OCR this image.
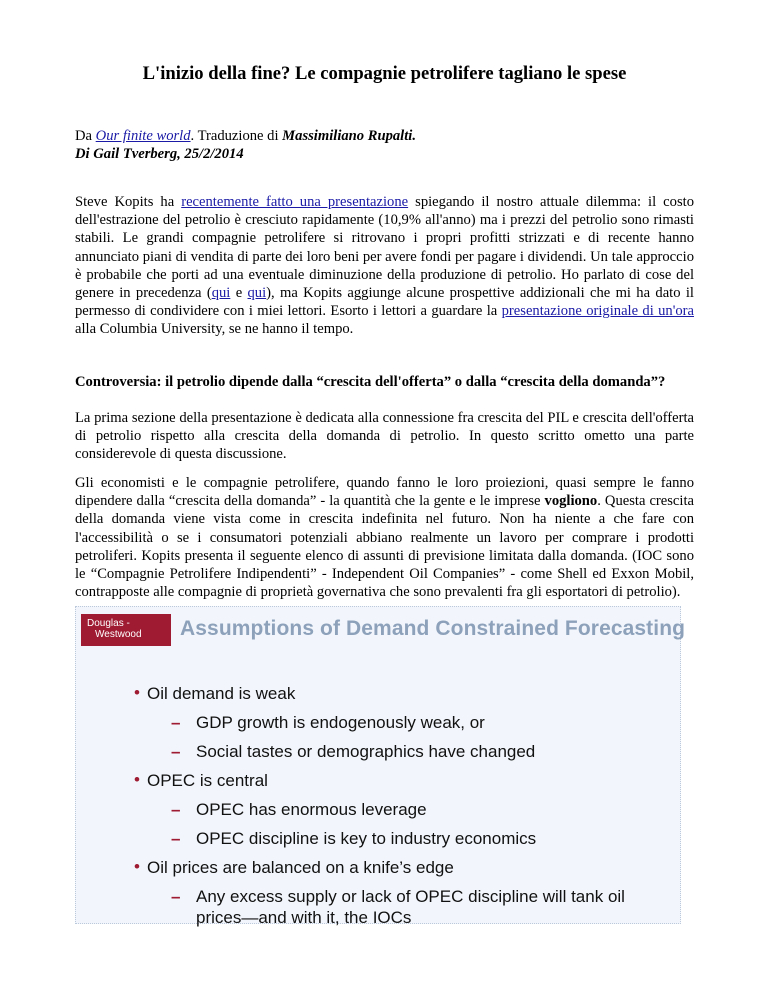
L'inizio della fine? Le compagnie petrolifere tagliano le spese
Da Our finite world. Traduzione di Massimiliano Rupalti.
Di Gail Tverberg, 25/2/2014

Steve Kopits ha recentemente fatto una presentazione spiegando il nostro attuale dilemma: il costo dell'estrazione del petrolio è cresciuto rapidamente (10,9% all'anno) ma i prezzi del petrolio sono rimasti stabili. Le grandi compagnie petrolifere si ritrovano i propri profitti strizzati e di recente hanno annunciato piani di vendita di parte dei loro beni per avere fondi per pagare i dividendi. Un tale approccio è probabile che porti ad una eventuale diminuzione della produzione di petrolio. Ho parlato di cose del genere in precedenza (qui e qui), ma Kopits aggiunge alcune prospettive addizionali che mi ha dato il permesso di condividere con i miei lettori. Esorto i lettori a guardare la presentazione originale di un'ora alla Columbia University, se ne hanno il tempo.

Controversia: il petrolio dipende dalla “crescita dell'offerta” o dalla “crescita della domanda”?

La prima sezione della presentazione è dedicata alla connessione fra crescita del PIL e crescita dell'offerta di petrolio rispetto alla crescita della domanda di petrolio. In questo scritto ometto una parte considerevole di questa discussione.

Gli economisti e le compagnie petrolifere, quando fanno le loro proiezioni, quasi sempre le fanno dipendere dalla “crescita della domanda” - la quantità che la gente e le imprese vogliono. Questa crescita della domanda viene vista come in crescita indefinita nel futuro. Non ha niente a che fare con l'accessibilità o se i consumatori potenziali abbiano realmente un lavoro per comprare i prodotti petroliferi. Kopits presenta il seguente elenco di assunti di previsione limitata dalla domanda. (IOC sono le “Compagnie Petrolifere Indipendenti” - Independent Oil Companies” - come Shell ed Exxon Mobil, contrapposte alle compagnie di proprietà governativa che sono prevalenti fra gli esportatori di petrolio).

Douglas -
Westwood	Assumptions of Demand Constrained Forecasting
• Oil demand is weak
– GDP growth is endogenously weak, or
– Social tastes or demographics have changed
• OPEC is central
– OPEC has enormous leverage
– OPEC discipline is key to industry economics
• Oil prices are balanced on a knife’s edge
– Any excess supply or lack of OPEC discipline will tank oil prices—and with it, the IOCs
